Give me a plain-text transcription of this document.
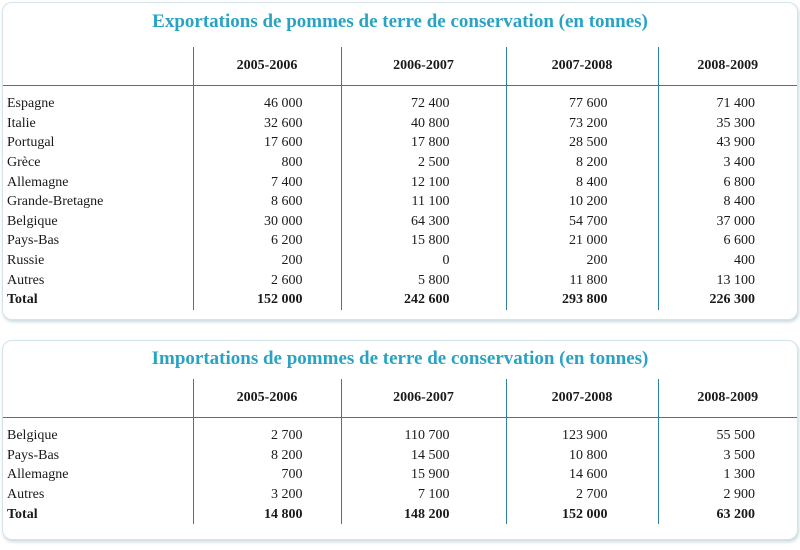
Exportations de pommes de terre de conservation (en tonnes)
	2005-2006	2006-2007	2007-2008	2008-2009
Espagne	46 000	72 400	77 600	71 400
Italie	32 600	40 800	73 200	35 300
Portugal	17 600	17 800	28 500	43 900
Grèce	800	2 500	8 200	3 400
Allemagne	7 400	12 100	8 400	6 800
Grande-Bretagne	8 600	11 100	10 200	8 400
Belgique	30 000	64 300	54 700	37 000
Pays-Bas	6 200	15 800	21 000	6 600
Russie	200	0	200	400
Autres	2 600	5 800	11 800	13 100
Total	152 000	242 600	293 800	226 300
Importations de pommes de terre de conservation (en tonnes)
	2005-2006	2006-2007	2007-2008	2008-2009
Belgique	2 700	110 700	123 900	55 500
Pays-Bas	8 200	14 500	10 800	3 500
Allemagne	700	15 900	14 600	1 300
Autres	3 200	7 100	2 700	2 900
Total	14 800	148 200	152 000	63 200
